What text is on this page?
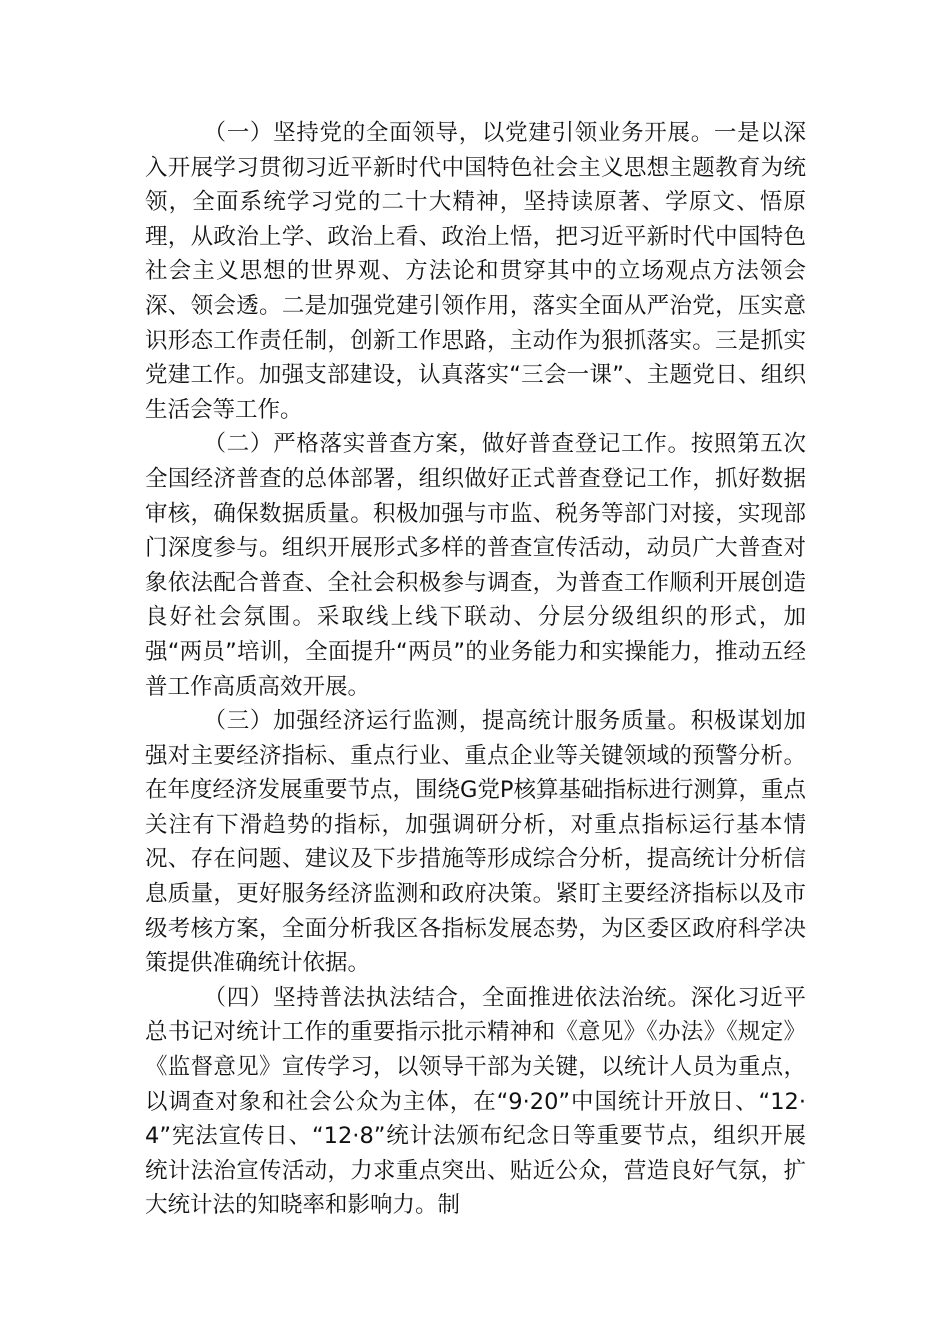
（一）坚持党的全面领导，以党建引领业务开展。一是以深入开展学习贯彻习近平新时代中国特色社会主义思想主题教育为统领，全面系统学习党的二十大精神，坚持读原著、学原文、悟原理，从政治上学、政治上看、政治上悟，把习近平新时代中国特色社会主义思想的世界观、方法论和贯穿其中的立场观点方法领会深、领会透。二是加强党建引领作用，落实全面从严治党，压实意识形态工作责任制，创新工作思路，主动作为狠抓落实。三是抓实党建工作。加强支部建设，认真落实“三会一课”、主题党日、组织生活会等工作。

（二）严格落实普查方案，做好普查登记工作。按照第五次全国经济普查的总体部署，组织做好正式普查登记工作，抓好数据审核，确保数据质量。积极加强与市监、税务等部门对接，实现部门深度参与。组织开展形式多样的普查宣传活动，动员广大普查对象依法配合普查、全社会积极参与调查，为普查工作顺利开展创造良好社会氛围。采取线上线下联动、分层分级组织的形式，加强“两员”培训，全面提升“两员”的业务能力和实操能力，推动五经普工作高质高效开展。

（三）加强经济运行监测，提高统计服务质量。积极谋划加强对主要经济指标、重点行业、重点企业等关键领域的预警分析。在年度经济发展重要节点，围绕G党P核算基础指标进行测算，重点关注有下滑趋势的指标，加强调研分析，对重点指标运行基本情况、存在问题、建议及下步措施等形成综合分析，提高统计分析信息质量，更好服务经济监测和政府决策。紧盯主要经济指标以及市级考核方案，全面分析我区各指标发展态势，为区委区政府科学决策提供准确统计依据。

（四）坚持普法执法结合，全面推进依法治统。深化习近平总书记对统计工作的重要指示批示精神和《意见》《办法》《规定》《监督意见》宣传学习，以领导干部为关键，以统计人员为重点，以调查对象和社会公众为主体，在“9·20”中国统计开放日、“12·4”宪法宣传日、“12·8”统计法颁布纪念日等重要节点，组织开展统计法治宣传活动，力求重点突出、贴近公众，营造良好气氛，扩大统计法的知晓率和影响力。制
